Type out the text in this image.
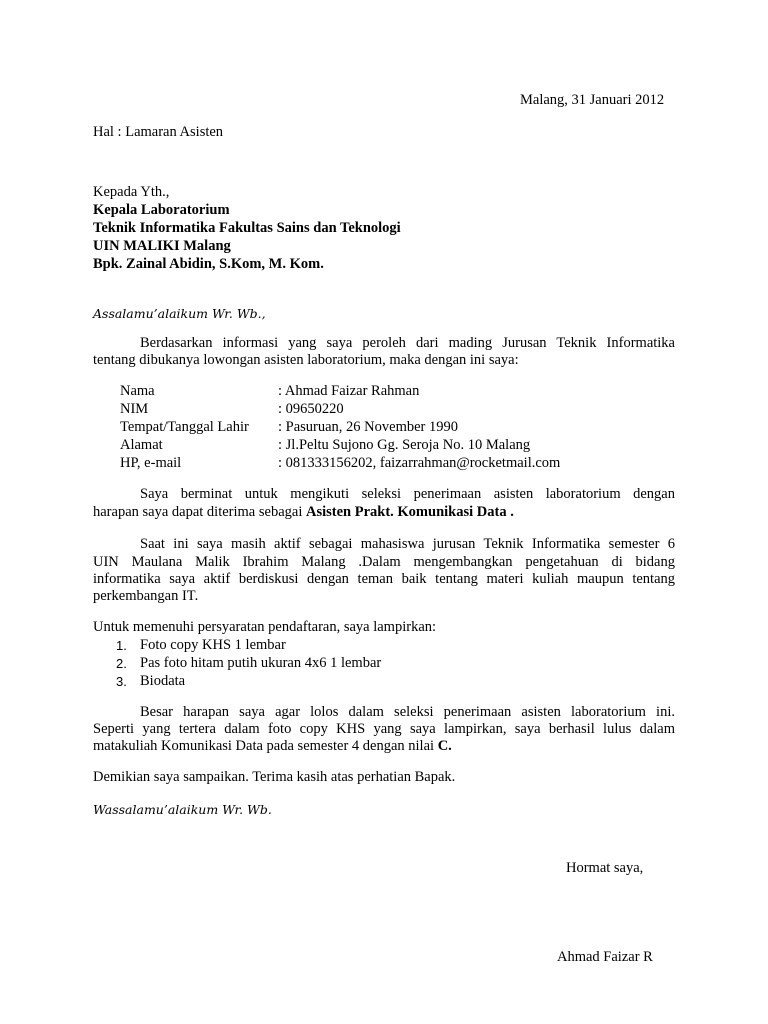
Malang, 31 Januari 2012
Hal : Lamaran Asisten
Kepada Yth.,
Kepala Laboratorium
Teknik Informatika Fakultas Sains dan Teknologi
UIN MALIKI Malang
Bpk. Zainal Abidin, S.Kom, M. Kom.
Assalamu’alaikum Wr. Wb.,
Berdasarkan informasi yang saya peroleh dari mading Jurusan Teknik Informatika
tentang dibukanya lowongan asisten laboratorium, maka dengan ini saya:
Nama	: Ahmad Faizar Rahman
NIM	: 09650220
Tempat/Tanggal Lahir : Pasuruan, 26 November 1990
Alamat	: Jl.Peltu Sujono Gg. Seroja No. 10 Malang
HP, e-mail	: 081333156202, faizarrahman@rocketmail.com
Saya berminat untuk mengikuti seleksi penerimaan asisten laboratorium dengan
harapan saya dapat diterima sebagai Asisten Prakt. Komunikasi Data .
Saat ini saya masih aktif sebagai mahasiswa jurusan Teknik Informatika semester 6
UIN Maulana Malik Ibrahim Malang .Dalam mengembangkan pengetahuan di bidang
informatika saya aktif berdiskusi dengan teman baik tentang materi kuliah maupun tentang
perkembangan IT.
Untuk memenuhi persyaratan pendaftaran, saya lampirkan:
1. Foto copy KHS 1 lembar
2. Pas foto hitam putih ukuran 4x6 1 lembar
3. Biodata
Besar harapan saya agar lolos dalam seleksi penerimaan asisten laboratorium ini.
Seperti yang tertera dalam foto copy KHS yang saya lampirkan, saya berhasil lulus dalam
matakuliah Komunikasi Data pada semester 4 dengan nilai C.
Demikian saya sampaikan. Terima kasih atas perhatian Bapak.
Wassalamu’alaikum Wr. Wb.
Hormat saya,
Ahmad Faizar R
